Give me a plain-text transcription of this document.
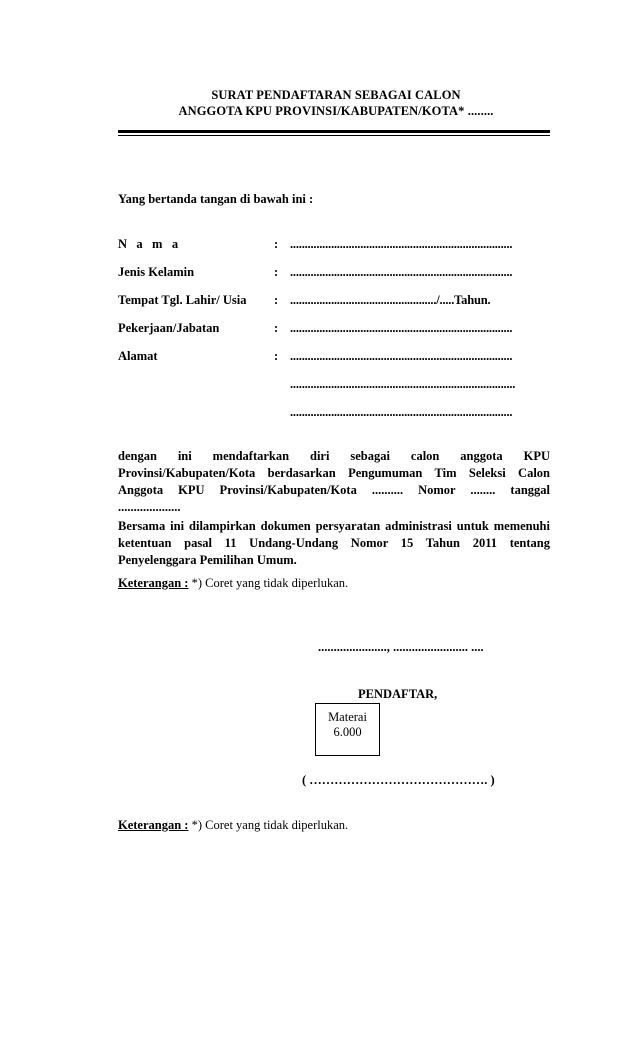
SURAT PENDAFTARAN SEBAGAI CALON
ANGGOTA KPU PROVINSI/KABUPATEN/KOTA* ........
Yang bertanda tangan di bawah ini :
N   a   m   a	: ............................................................................
Jenis Kelamin	: ............................................................................
Tempat Tgl. Lahir/ Usia : ................................................../.....Tahun.
Pekerjaan/Jabatan	: ............................................................................
Alamat	: ............................................................................
.............................................................................
............................................................................

dengan ini mendaftarkan diri sebagai calon anggota KPU

Provinsi/Kabupaten/Kota berdasarkan Pengumuman Tim Seleksi Calon

Anggota KPU Provinsi/Kabupaten/Kota .......... Nomor ........ tanggal

....................

Bersama ini dilampirkan dokumen persyaratan administrasi untuk memenuhi

ketentuan pasal 11 Undang-Undang Nomor 15 Tahun 2011 tentang

Penyelenggara Pemilihan Umum.

Keterangan : *) Coret yang tidak diperlukan.
......................, ........................ ....
PENDAFTAR,
Materai
6.000
( ……………………………………. )
Keterangan : *) Coret yang tidak diperlukan.
